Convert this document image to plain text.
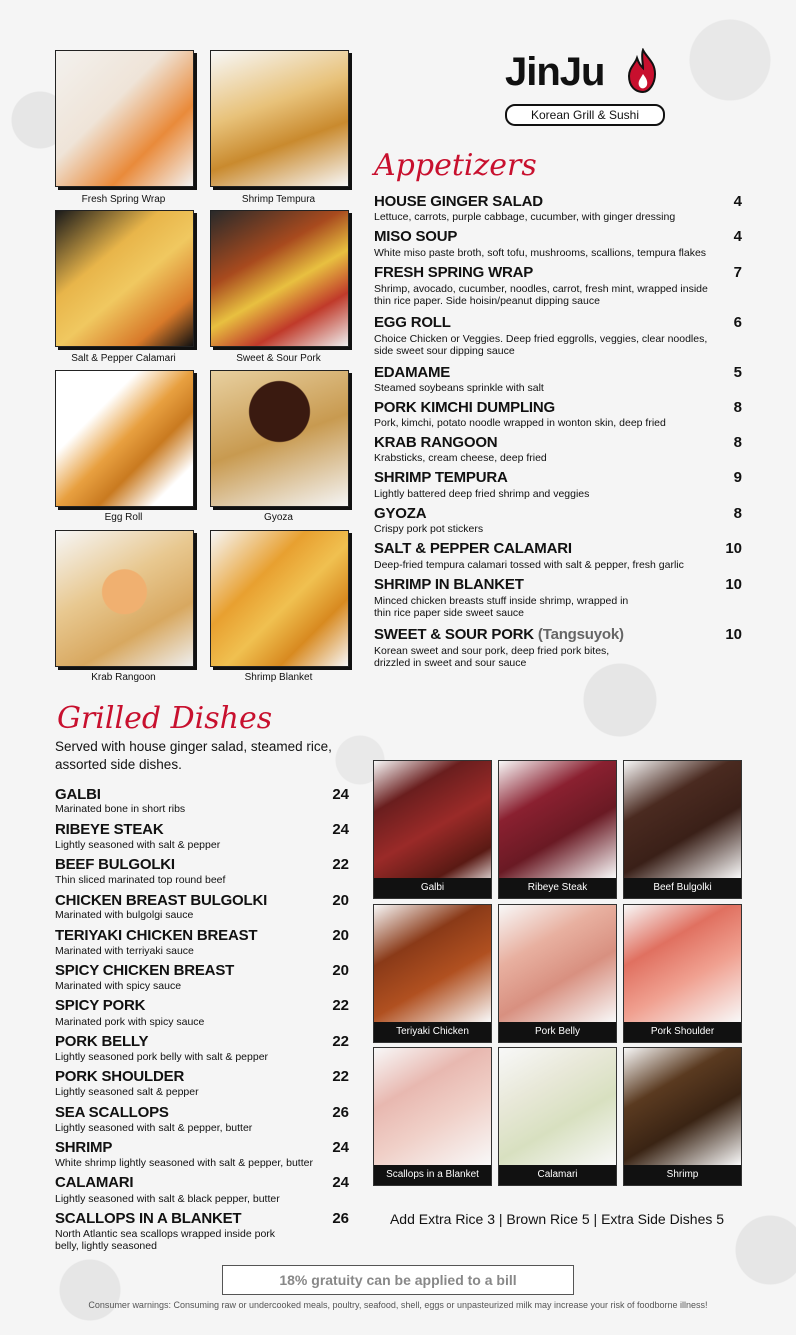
JinJu
Korean Grill & Sushi
Fresh Spring Wrap	Shrimp Tempura
Salt & Pepper Calamari	Sweet & Sour Pork
Egg Roll	Gyoza
Krab Rangoon	Shrimp Blanket
Appetizers
HOUSE GINGER SALAD	4
Lettuce, carrots, purple cabbage, cucumber, with ginger dressing
MISO SOUP	4
White miso paste broth, soft tofu, mushrooms, scallions, tempura flakes
FRESH SPRING WRAP	7
Shrimp, avocado, cucumber, noodles, carrot, fresh mint, wrapped inside thin rice paper. Side hoisin/peanut dipping sauce
EGG ROLL	6
Choice Chicken or Veggies. Deep fried eggrolls, veggies, clear noodles, side sweet sour dipping sauce
EDAMAME	5
Steamed soybeans sprinkle with salt
PORK KIMCHI DUMPLING	8
Pork, kimchi, potato noodle wrapped in wonton skin, deep fried
KRAB RANGOON	8
Krabsticks, cream cheese, deep fried
SHRIMP TEMPURA	9
Lightly battered deep fried shrimp and veggies
GYOZA	8
Crispy pork pot stickers
SALT & PEPPER CALAMARI	10
Deep-fried tempura calamari tossed with salt & pepper, fresh garlic
SHRIMP IN BLANKET	10
Minced chicken breasts stuff inside shrimp, wrapped in thin rice paper side sweet sauce
SWEET & SOUR PORK (Tangsuyok)	10
Korean sweet and sour pork, deep fried pork bites, drizzled in sweet and sour sauce
Grilled Dishes
Served with house ginger salad, steamed rice, assorted side dishes.
GALBI	24
Marinated bone in short ribs
RIBEYE STEAK	24
Lightly seasoned with salt & pepper
BEEF BULGOLKI	22
Thin sliced marinated top round beef
CHICKEN BREAST BULGOLKI	20
Marinated with bulgolgi sauce
TERIYAKI CHICKEN BREAST	20
Marinated with terriyaki sauce
SPICY CHICKEN BREAST	20
Marinated with spicy sauce
SPICY PORK	22
Marinated pork with spicy sauce
PORK BELLY	22
Lightly seasoned pork belly with salt & pepper
PORK SHOULDER	22
Lightly seasoned salt & pepper
SEA SCALLOPS	26
Lightly seasoned with salt & pepper, butter
SHRIMP	24
White shrimp lightly seasoned with salt & pepper, butter
CALAMARI	24
Lightly seasoned with salt & black pepper, butter
SCALLOPS IN A BLANKET	26
North Atlantic sea scallops wrapped inside pork belly, lightly seasoned
Galbi	Ribeye Steak	Beef Bulgolki
Teriyaki Chicken	Pork Belly	Pork Shoulder
Scallops in a Blanket	Calamari	Shrimp
Add Extra Rice 3 | Brown Rice 5 | Extra Side Dishes 5
18% gratuity can be applied to a bill
Consumer warnings: Consuming raw or undercooked meals, poultry, seafood, shell, eggs or unpasteurized milk may increase your risk of foodborne illness!
